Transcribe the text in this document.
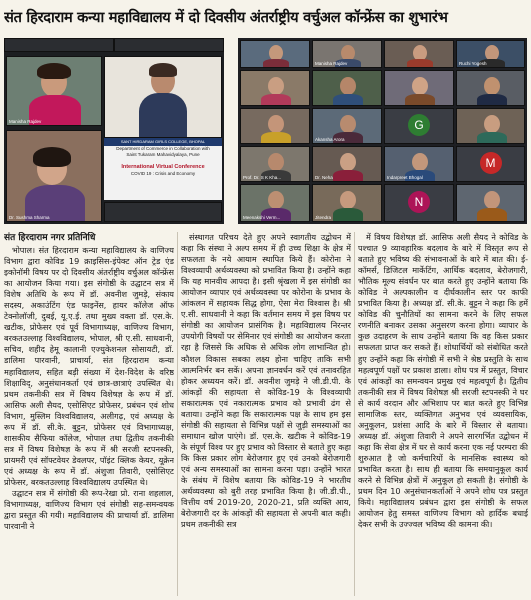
संत हिरदाराम कन्या महाविद्यालय में दो दिवसीय अंतर्राष्ट्रीय वर्चुअल कॉन्फ्रेंस का शुभारंभ
Manisha Rajdev
SANT HIRDARAM GIRLS COLLEGE, BHOPAL
Department of Commerce in Collaboration with
Saint Tukaram Mahavidyalaya, Pune
International Virtual Conference
COVID 19 : Crisis and Economy
Dr. Sushma Sharma
Manisha Rajdev	Ruchi Yogesh
Akansha Arora
G
Prof. Dr. S K Kha...	Dr. Neha	Indarpreet Bhogal
M
Meenakshi Verm...	Jitendra
N

संत हिरदाराम नगर प्रतिनिधि

भोपाल। संत हिरदाराम कन्या महाविद्यालय के वाणिज्य विभाग द्वारा कोविड 19 क्राइसिस-इंपेक्ट ऑन ट्रेड एंड इकोनॉमी विषय पर दो दिवसीय अंतर्राष्ट्रीय वर्चुअल कॉन्फ्रेंस का आयोजन किया गया। इस संगोष्ठी के उद्घाटन सत्र में विशेष अतिथि के रूप में डॉ. अवनीश जुमड़े, संकाय सदस्य, अकाउंटिंग एंड फाइनेंस, हायर कॉलेज ऑफ टेक्नोलॉजी, दुबई, यू.ए.ई. तथा मुख्य वक्ता डॉ. एस.के. खटीक, प्रोफेसर एवं पूर्व विभागाध्यक्ष, वाणिज्य विभाग, बरकतउल्लाह विश्वविद्यालय, भोपाल, श्री ए.सी. साधवानी, सचिव, शहीद हेमू कालानी एज्युकेशनल सोसायटी, डॉ. डालिमा पारवानी, प्राचार्या, संत हिरदाराम कन्या महाविद्यालय, सहित बड़ी संख्या में देश-विदेश के वरिष्ठ शिक्षाविद्, अनुसंधानकर्ता एवं छात्र-छात्राएं उपस्थित थे। प्रथम तकनीकी सत्र में विषय विशेषज्ञ के रूप में डॉ. आसिफ अली सैयद, एसोसिएट प्रोफेसर, प्रबंधन एवं शोध विभाग, मुस्लिम विश्वविद्यालय, अलीगढ़, एवं अध्यक्ष के रूप में डॉ. सी.के. बुट्टन, प्रोफेसर एवं विभागाध्यक्ष, शासकीय सैफिया कॉलेज, भोपाल तथा द्वितीय तकनीकी सत्र में विषय विशेषज्ञ के रूप में श्री सरजी स्टपनस्की, प्रायमरी एवं सॉफ्टवेयर डेवलपर, पॉइंट क्लिक केयर, यूक्रेन एवं अध्यक्ष के रूप में डॉ. अंशुजा तिवारी, एसोसिएट प्रोफेसर, बरकतउल्लाह विश्वविद्यालय उपस्थित थे।

उद्घाटन सत्र में संगोष्ठी की रूप-रेखा प्रो. राना शहलाल, विभागाध्यक्ष, वाणिज्य विभाग एवं संगोष्ठी सह-समन्वयक द्वारा प्रस्तुत की गयी। महाविद्यालय की प्राचार्या डॉ. डालिमा पारवानी ने

संस्थागत परिचय देते हुए अपने स्वागतीय उद्बोधन में कहा कि संस्था ने अल्प समय में ही उच्च शिक्षा के क्षेत्र में सफलता के नये आयाम स्थापित किये हैं। कोरोना ने विश्वव्यापी अर्थव्यवस्था को प्रभावित किया है। उन्होंने कहा कि यह मानवीय आपदा है। इसी श्रृंखला में इस संगोष्ठी का आयोजन व्यापार एवं अर्थव्यवस्था पर कोरोना के प्रभाव के आंकलन में सहायक सिद्ध होगा, ऐसा मेरा विश्वास है। श्री ए.सी. साधवानी ने कहा कि वर्तमान समय में इस विषय पर संगोष्ठी का आयोजन प्रासंगिक है। महाविद्यालय निरन्तर उपयोगी विषयों पर सेमिनार एवं संगोष्ठी का आयोजन करता रहा है जिससे कि अधिक से अधिक लोग लाभान्वित हो। कौशल विकास सबका लक्ष्य होना चाहिए ताकि सभी आत्मनिर्भर बन सकें। अपना ज्ञानवर्धन करें एवं तनावरहित होकर अध्ययन करें। डॉ. अवनीश जुमड़े ने जी.डी.पी. के आंकड़ों की सहायता से कोविड-19 के विश्वव्यापी सकारात्मक एवं नकारात्मक प्रभाव को प्रभावी ढंग से बताया। उन्होंने कहा कि सकारात्मक पक्ष के साथ हम इस संगोष्ठी की सहायता से विभिन्न पक्षों से जुड़ी समस्याओं का समाधान खोज पाएंगे। डॉ. एस.के. खटीक ने कोविड-19 के संपूर्ण विश्व पर हुए प्रभाव को विस्तार से बताते हुए कहा कि किस प्रकार लोग बेरोजगार हुए एवं उनको बेरोजगारी एवं अन्य समस्याओं का सामना करना पड़ा। उन्होंने भारत के संबंध में विशेष बताया कि कोविड-19 ने भारतीय अर्थव्यवस्था को बुरी तरह प्रभावित किया है। जी.डी.पी., वित्तीय वर्ष 2019-20, 2020-21, प्रति व्यक्ति आय, बेरोजगारी दर के आंकड़ों की सहायता से अपनी बात कही। प्रथम तकनीकी सत्र

में विषय विशेषज्ञ डॉ. आसिफ अली सैयद ने कोविड के पश्चात 9 व्यावहारिक बदलाव के बारे में विस्तृत रूप से बताते हुए भविष्य की संभावनाओं के बारे में बात की। ई-कॉमर्स, डिजिटल मार्केटिंग, आर्थिक बदलाव, बेरोजगारी, भौतिक मूल्य संवर्धन पर बात करते हुए उन्होंने बताया कि कोविड ने अल्पकालीन व दीर्घकालीन स्तर पर काफी प्रभावित किया है। अध्यक्ष डॉ. सी.के. बुट्टन ने कहा कि हमें कोविड की चुनौतियों का सामना करने के लिए सफल रणनीति बनाकर उसका अनुसरण करना होगा। व्यापार के कुछ उदाहरण के साथ उन्होंने बताया कि वह किस प्रकार सफलता प्राप्त कर सकते हैं। शोधार्थियों को संबोधित करते हुए उन्होंने कहा कि संगोष्ठी में सभी ने श्रेष्ठ प्रस्तुति के साथ महत्वपूर्ण पक्षों पर प्रकाश डाला। शोध पत्र में प्रस्तुत, विचार एवं आंकड़ों का समन्वयन प्रमुख एवं महत्वपूर्ण है। द्वितीय तकनीकी सत्र में विषय विशेषज्ञ श्री सरजी स्टपनस्की ने घर से कार्य वरदान और अभिशाप पर बात करते हुए विभिन्न सामाजिक स्तर, व्यक्तिगत अनुभव एवं व्यवसायिक, अनुकूलन, प्रशंसा आदि के बारे में विस्तार से बताया। अध्यक्ष डॉ. अंशुजा तिवारी ने अपने सारगर्भित उद्बोधन में कहा कि सेवा क्षेत्र में घर से कार्य करना एक नई परम्परा की शुरुआत है जो कर्मचारियों के मानसिक स्वास्थ्य को प्रभावित करता है। साथ ही बताया कि समयानुकूल कार्य करने से विभिन्न क्षेत्रों में अनुकूल हो सकती है। संगोष्ठी के प्रथम दिन 10 अनुसंधानकर्ताओं ने अपने शोध पत्र प्रस्तुत किये। महाविद्यालय प्रबंधन द्वारा इस संगोष्ठी के सफल आयोजन हेतु समस्त वाणिज्य विभाग को हार्दिक बधाई देकर सभी के उज्ज्वल भविष्य की कामना की।
